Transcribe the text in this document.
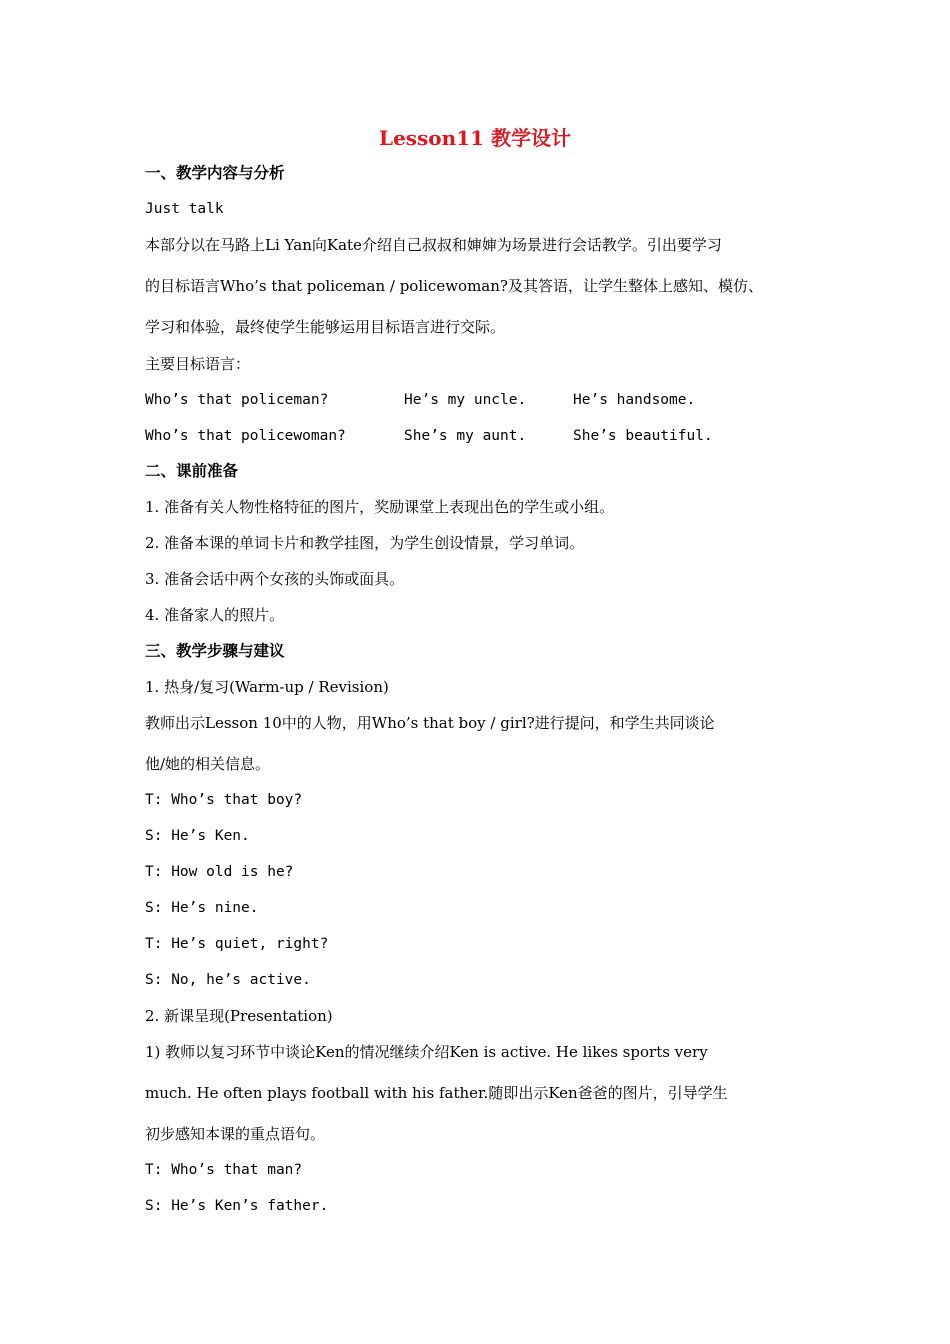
Lesson11 教学设计
一、教学内容与分析
Just talk
本部分以在马路上Li Yan向Kate介绍自己叔叔和婶婶为场景进行会话教学。引出要学习
的目标语言Who’s that policeman / policewoman?及其答语，让学生整体上感知、模仿、
学习和体验，最终使学生能够运用目标语言进行交际。
主要目标语言：
Who’s that policeman?	He’s my uncle.	He’s handsome.
Who’s that policewoman?	She’s my aunt.	She’s beautiful.
二、课前准备
1. 准备有关人物性格特征的图片，奖励课堂上表现出色的学生或小组。
2. 准备本课的单词卡片和教学挂图，为学生创设情景，学习单词。
3. 准备会话中两个女孩的头饰或面具。
4. 准备家人的照片。
三、教学步骤与建议
1. 热身/复习(Warm-up / Revision)
教师出示Lesson 10中的人物，用Who’s that boy / girl?进行提问，和学生共同谈论
他/她的相关信息。
T: Who’s that boy?
S: He’s Ken.
T: How old is he?
S: He’s nine.
T: He’s quiet, right?
S: No, he’s active.
2. 新课呈现(Presentation)
1) 教师以复习环节中谈论Ken的情况继续介绍Ken is active. He likes sports very
much. He often plays football with his father.随即出示Ken爸爸的图片，引导学生
初步感知本课的重点语句。
T: Who’s that man?
S: He’s Ken’s father.
